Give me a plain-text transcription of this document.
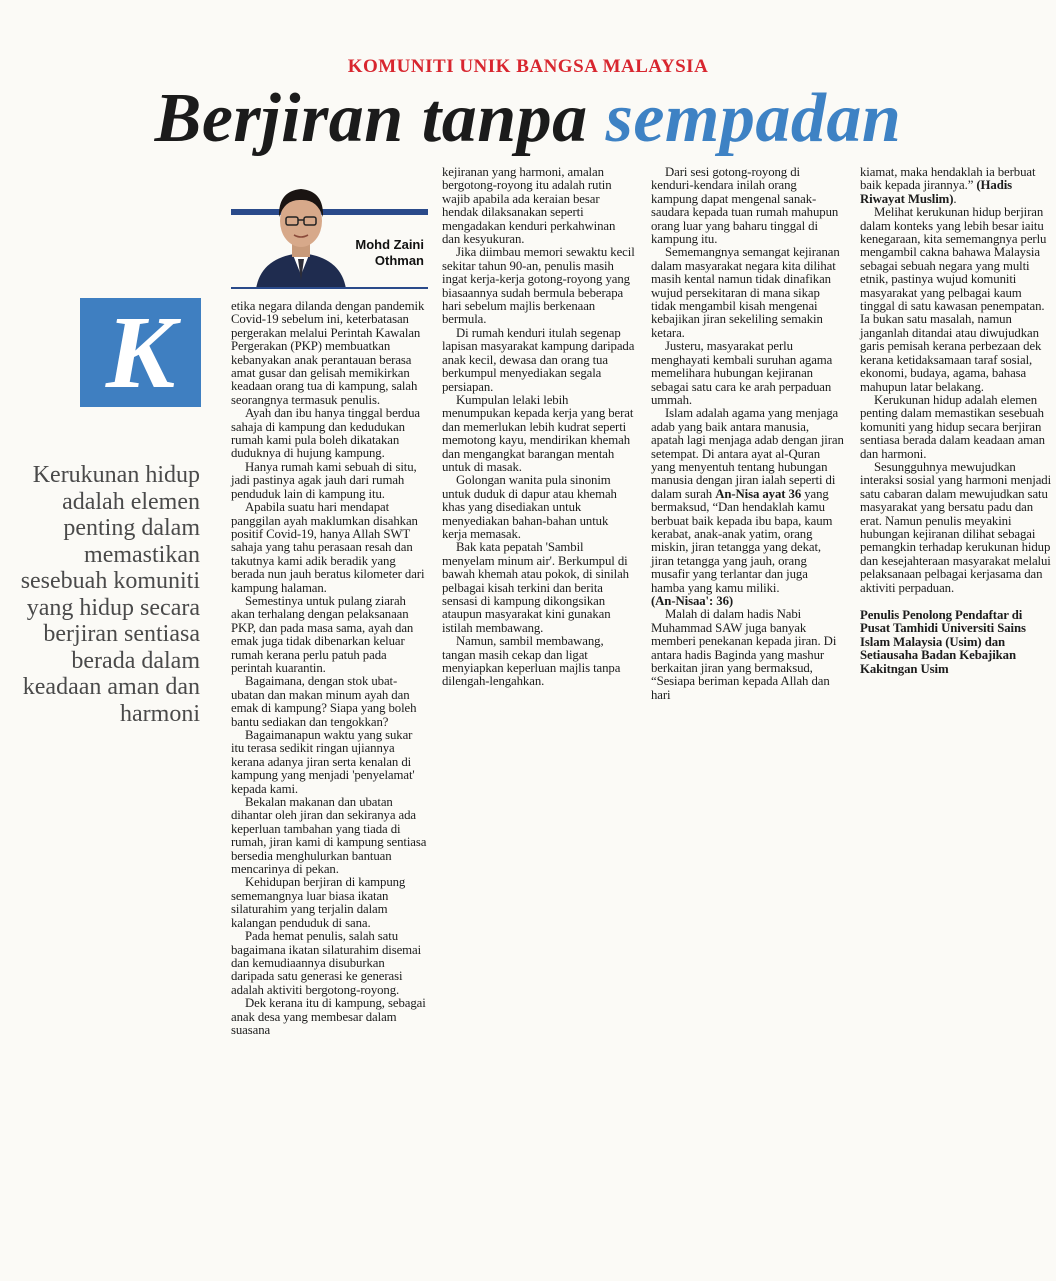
KOMUNITI UNIK BANGSA MALAYSIA
Berjiran tanpa sempadan
Mohd Zaini
Othman
K
Kerukunan hidup adalah elemen penting dalam memastikan sesebuah komuniti yang hidup secara berjiran sentiasa berada dalam keadaan aman dan harmoni

etika negara dilanda dengan pandemik Covid-19 sebelum ini, keterbatasan pergerakan melalui Perintah Kawalan Pergerakan (PKP) membuatkan kebanyakan anak perantauan berasa amat gusar dan gelisah memikirkan keadaan orang tua di kampung, salah seorangnya termasuk penulis.

Ayah dan ibu hanya tinggal berdua sahaja di kampung dan kedudukan rumah kami pula boleh dikatakan duduknya di hujung kampung.

Hanya rumah kami sebuah di situ, jadi pastinya agak jauh dari rumah penduduk lain di kampung itu.

Apabila suatu hari mendapat panggilan ayah maklumkan disahkan positif Covid-19, hanya Allah SWT sahaja yang tahu perasaan resah dan takutnya kami adik beradik yang berada nun jauh beratus kilometer dari kampung halaman.

Semestinya untuk pulang ziarah akan terhalang dengan pelaksanaan PKP, dan pada masa sama, ayah dan emak juga tidak dibenarkan keluar rumah kerana perlu patuh pada perintah kuarantin.

Bagaimana, dengan stok ubat-ubatan dan makan minum ayah dan emak di kampung? Siapa yang boleh bantu sediakan dan tengokkan?

Bagaimanapun waktu yang sukar itu terasa sedikit ringan ujiannya kerana adanya jiran serta kenalan di kampung yang menjadi 'penyelamat' kepada kami.

Bekalan makanan dan ubatan dihantar oleh jiran dan sekiranya ada keperluan tambahan yang tiada di rumah, jiran kami di kampung sentiasa bersedia menghulurkan bantuan mencarinya di pekan.

Kehidupan berjiran di kampung sememangnya luar biasa ikatan silaturahim yang terjalin dalam kalangan penduduk di sana.

Pada hemat penulis, salah satu bagaimana ikatan silaturahim disemai dan kemudiaannya disuburkan daripada satu generasi ke generasi adalah aktiviti bergotong-royong.

Dek kerana itu di kampung, sebagai anak desa yang membesar dalam suasana

kejiranan yang harmoni, amalan bergotong-royong itu adalah rutin wajib apabila ada keraian besar hendak dilaksanakan seperti mengadakan kenduri perkahwinan dan kesyukuran.

Jika diimbau memori sewaktu kecil sekitar tahun 90-an, penulis masih ingat kerja-kerja gotong-royong yang biasaannya sudah bermula beberapa hari sebelum majlis berkenaan bermula.

Di rumah kenduri itulah segenap lapisan masyarakat kampung daripada anak kecil, dewasa dan orang tua berkumpul menyediakan segala persiapan.

Kumpulan lelaki lebih menumpukan kepada kerja yang berat dan memerlukan lebih kudrat seperti memotong kayu, mendirikan khemah dan mengangkat barangan mentah untuk di masak.

Golongan wanita pula sinonim untuk duduk di dapur atau khemah khas yang disediakan untuk menyediakan bahan-bahan untuk kerja memasak.

Bak kata pepatah 'Sambil menyelam minum air'. Berkumpul di bawah khemah atau pokok, di sinilah pelbagai kisah terkini dan berita sensasi di kampung dikongsikan ataupun masyarakat kini gunakan istilah membawang.

Namun, sambil membawang, tangan masih cekap dan ligat menyiapkan keperluan majlis tanpa dilengah-lengahkan.

Dari sesi gotong-royong di kenduri-kendara inilah orang kampung dapat mengenal sanak-saudara kepada tuan rumah mahupun orang luar yang baharu tinggal di kampung itu.

Sememangnya semangat kejiranan dalam masyarakat negara kita dilihat masih kental namun tidak dinafikan wujud persekitaran di mana sikap tidak mengambil kisah mengenai kebajikan jiran sekeliling semakin ketara.

Justeru, masyarakat perlu menghayati kembali suruhan agama memelihara hubungan kejiranan sebagai satu cara ke arah perpaduan ummah.

Islam adalah agama yang menjaga adab yang baik antara manusia, apatah lagi menjaga adab dengan jiran setempat. Di antara ayat al-Quran yang menyentuh tentang hubungan manusia dengan jiran ialah seperti di dalam surah An-Nisa ayat 36 yang bermaksud, “Dan hendaklah kamu berbuat baik kepada ibu bapa, kaum kerabat, anak-anak yatim, orang miskin, jiran tetangga yang dekat, jiran tetangga yang jauh, orang musafir yang terlantar dan juga hamba yang kamu miliki.
(An-Nisaa': 36)

Malah di dalam hadis Nabi Muhammad SAW juga banyak memberi penekanan kepada jiran. Di antara hadis Baginda yang mashur berkaitan jiran yang bermaksud, “Sesiapa beriman kepada Allah dan hari

kiamat, maka hendaklah ia berbuat baik kepada jirannya.” (Hadis Riwayat Muslim).

Melihat kerukunan hidup berjiran dalam konteks yang lebih besar iaitu kenegaraan, kita sememangnya perlu mengambil cakna bahawa Malaysia sebagai sebuah negara yang multi etnik, pastinya wujud komuniti masyarakat yang pelbagai kaum tinggal di satu kawasan penempatan. Ia bukan satu masalah, namun janganlah ditandai atau diwujudkan garis pemisah kerana perbezaan dek kerana ketidaksamaan taraf sosial, ekonomi, budaya, agama, bahasa mahupun latar belakang.

Kerukunan hidup adalah elemen penting dalam memastikan sesebuah komuniti yang hidup secara berjiran sentiasa berada dalam keadaan aman dan harmoni.

Sesungguhnya mewujudkan interaksi sosial yang harmoni menjadi satu cabaran dalam mewujudkan satu masyarakat yang bersatu padu dan erat. Namun penulis meyakini hubungan kejiranan dilihat sebagai pemangkin terhadap kerukunan hidup dan kesejahteraan masyarakat melalui pelaksanaan pelbagai kerjasama dan aktiviti perpaduan.

Penulis Penolong Pendaftar di Pusat Tamhidi Universiti Sains Islam Malaysia (Usim) dan Setiausaha Badan Kebajikan Kakitngan Usim
